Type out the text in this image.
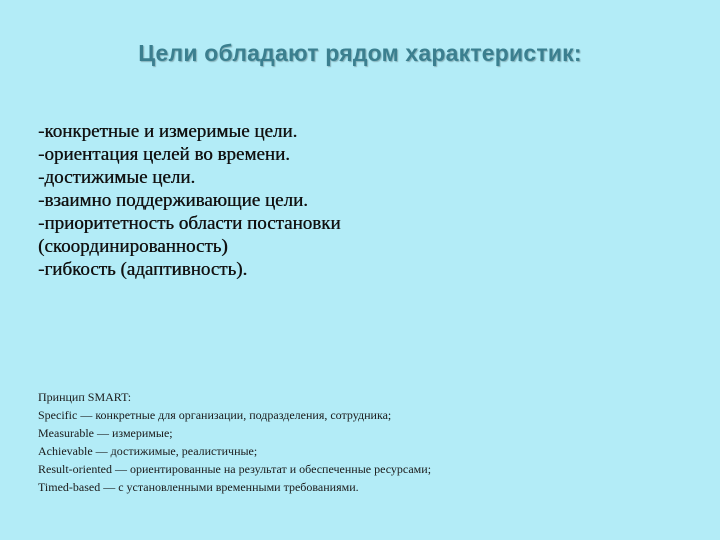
Цели обладают рядом характеристик:
-конкретные и измеримые цели.
-ориентация целей во времени.
-достижимые цели.
-взаимно поддерживающие цели.
-приоритетность области постановки (скоординированность)
-гибкость (адаптивность).
Принцип SMART:
Specific — конкретные для организации, подразделения, сотрудника;
Measurable — измеримые;
Achievable — достижимые, реалистичные;
Result-oriented — ориентированные на результат и обеспеченные ресурсами;
Timed-based — с установленными временными требованиями.
